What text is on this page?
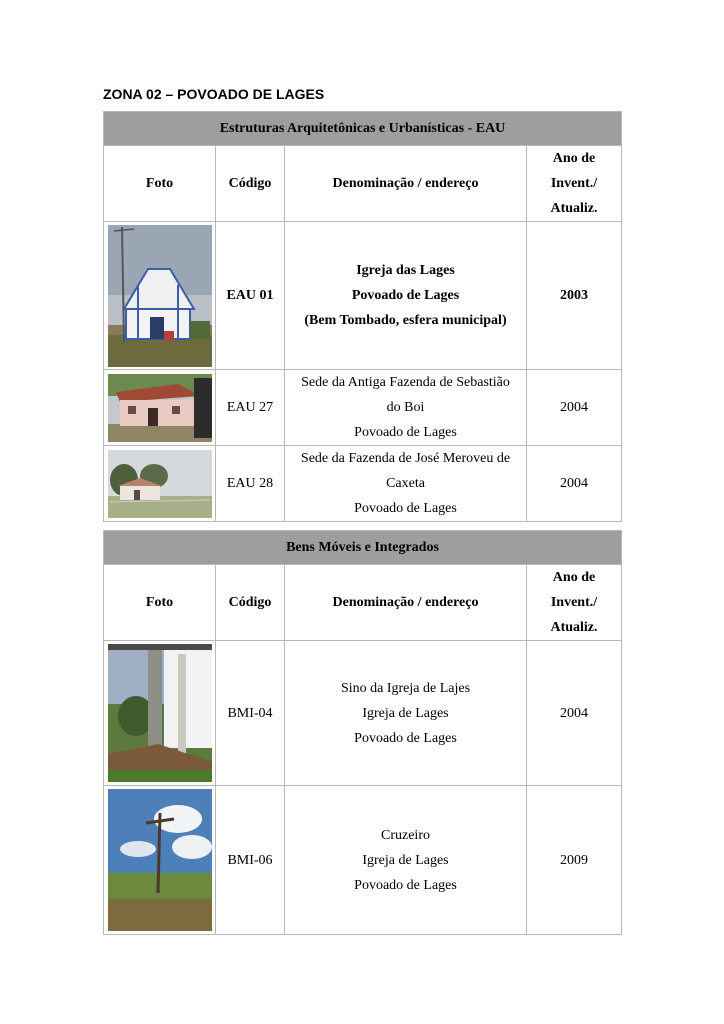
ZONA 02 – POVOADO DE LAGES
Estruturas Arquitetônicas e Urbanísticas - EAU			
Foto	Código	Denominação / endereço	Ano de
Invent./
Atualiz.

	EAU 01	Igreja das Lages
Povoado de Lages
(Bem Tombado, esfera municipal)	2003

	EAU 27	Sede da Antiga Fazenda de Sebastião
do Boi
Povoado de Lages	2004

	EAU 28	Sede da Fazenda de José Meroveu de
Caxeta
Povoado de Lages	2004
Bens Móveis e Integrados			
Foto	Código	Denominação / endereço	Ano de
Invent./
Atualiz.

	BMI-04	Sino da Igreja de Lajes
Igreja de Lages
Povoado de Lages	2004

	BMI-06	Cruzeiro
Igreja de Lages
Povoado de Lages	2009
